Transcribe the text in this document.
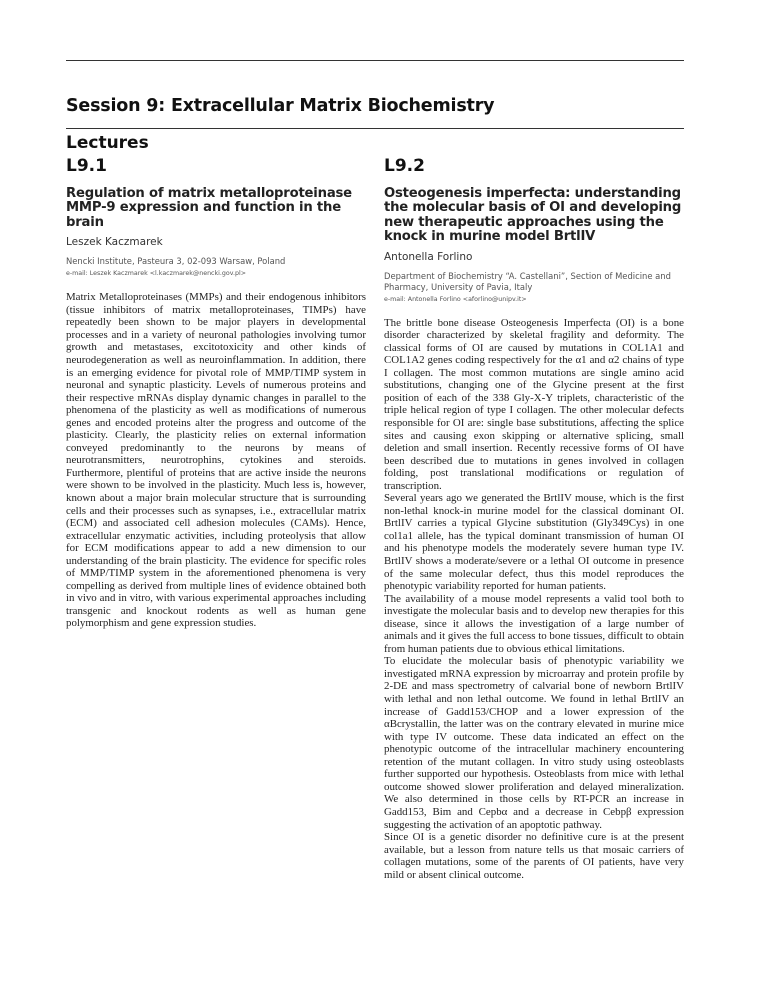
Session 9: Extracellular Matrix Biochemistry
Lectures
L9.1
Regulation of matrix metalloproteinase MMP-9 expression and function in the brain
Leszek Kaczmarek
Nencki Institute, Pasteura 3, 02-093 Warsaw, Poland
e-mail: Leszek Kaczmarek <l.kaczmarek@nencki.gov.pl>

Matrix Metalloproteinases (MMPs) and their endogenous inhibitors (tissue inhibitors of matrix metalloproteinases, TIMPs) have repeatedly been shown to be major players in developmental processes and in a variety of neuronal pathologies involving tumor growth and metastases, excitotoxicity and other kinds of neurodegeneration as well as neuroinflammation. In addition, there is an emerging evidence for pivotal role of MMP/TIMP system in neuronal and synaptic plasticity. Levels of numerous proteins and their respective mRNAs display dynamic changes in parallel to the phenomena of the plasticity as well as modifications of numerous genes and encoded proteins alter the progress and outcome of the plasticity. Clearly, the plasticity relies on external information conveyed predominantly to the neurons by means of neurotransmitters, neurotrophins, cytokines and steroids. Furthermore, plentiful of proteins that are active inside the neurons were shown to be involved in the plasticity. Much less is, however, known about a major brain molecular structure that is surrounding cells and their processes such as synapses, i.e., extracellular matrix (ECM) and associated cell adhesion molecules (CAMs). Hence, extracellular enzymatic activities, including proteolysis that allow for ECM modifications appear to add a new dimension to our understanding of the brain plasticity. The evidence for specific roles of MMP/TIMP system in the aforementioned phenomena is very compelling as derived from multiple lines of evidence obtained both in vivo and in vitro, with various experimental approaches including transgenic and knockout rodents as well as human gene polymorphism and gene expression studies.

L9.2
Osteogenesis imperfecta: understanding the molecular basis of OI and developing new therapeutic approaches using the knock in murine model BrtlIV
Antonella Forlino
Department of Biochemistry “A. Castellani”, Section of Medicine and Pharmacy, University of Pavia, Italy
e-mail: Antonella Forlino <aforlino@unipv.it>

The brittle bone disease Osteogenesis Imperfecta (OI) is a bone disorder characterized by skeletal fragility and deformity. The classical forms of OI are caused by mutations in COL1A1 and COL1A2 genes coding respectively for the α1 and α2 chains of type I collagen. The most common mutations are single amino acid substitutions, changing one of the Glycine present at the first position of each of the 338 Gly-X-Y triplets, characteristic of the triple helical region of type I collagen. The other molecular defects responsible for OI are: single base substitutions, affecting the splice sites and causing exon skipping or alternative splicing, small deletion and small insertion. Recently recessive forms of OI have been described due to mutations in genes involved in collagen folding, post translational modifications or regulation of transcription.

Several years ago we generated the BrtlIV mouse, which is the first non-lethal knock-in murine model for the classical dominant OI. BrtlIV carries a typical Glycine substitution (Gly349Cys) in one col1a1 allele, has the typical dominant transmission of human OI and his phenotype models the moderately severe human type IV. BrtlIV shows a moderate/severe or a lethal OI outcome in presence of the same molecular defect, thus this model reproduces the phenotypic variability reported for human patients.

The availability of a mouse model represents a valid tool both to investigate the molecular basis and to develop new therapies for this disease, since it allows the investigation of a large number of animals and it gives the full access to bone tissues, difficult to obtain from human patients due to obvious ethical limitations.

To elucidate the molecular basis of phenotypic variability we investigated mRNA expression by microarray and protein profile by 2-DE and mass spectrometry of calvarial bone of newborn BrtlIV with lethal and non lethal outcome. We found in lethal BrtlIV an increase of Gadd153/CHOP and a lower expression of the αBcrystallin, the latter was on the contrary elevated in murine mice with type IV outcome. These data indicated an effect on the phenotypic outcome of the intracellular machinery encountering retention of the mutant collagen. In vitro study using osteoblasts further supported our hypothesis. Osteoblasts from mice with lethal outcome showed slower proliferation and delayed mineralization. We also determined in those cells by RT-PCR an increase in Gadd153, Bim and Cepbα and a decrease in Cebpβ expression suggesting the activation of an apoptotic pathway.

Since OI is a genetic disorder no definitive cure is at the present available, but a lesson from nature tells us that mosaic carriers of collagen mutations, some of the parents of OI patients, have very mild or absent clinical outcome.
